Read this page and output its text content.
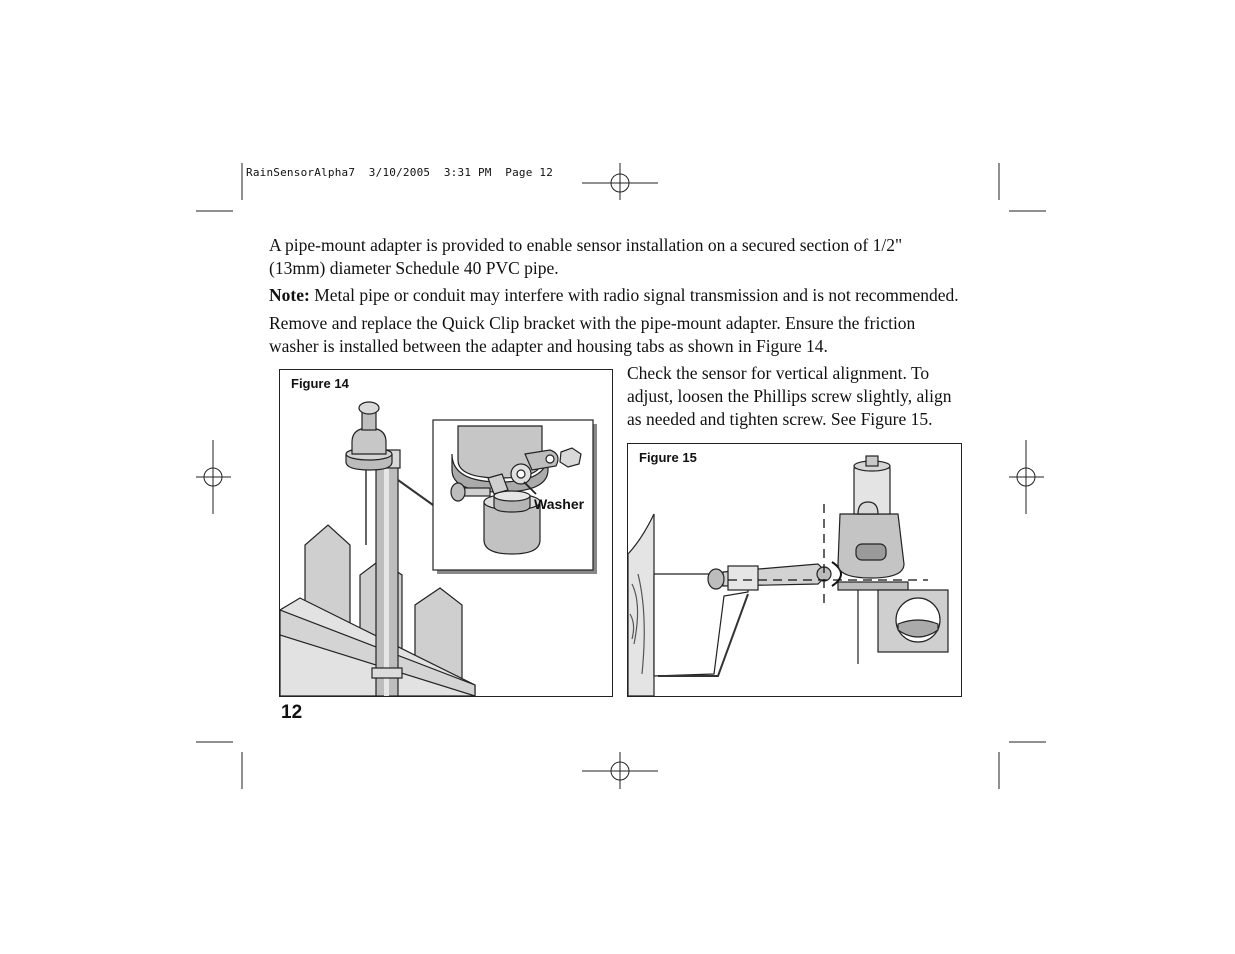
RainSensorAlpha7  3/10/2005  3:31 PM  Page 12

A pipe-mount adapter is provided to enable sensor installation on a secured section of 1/2" (13mm) diameter Schedule 40 PVC pipe.

Note: Metal pipe or conduit may interfere with radio signal transmission and is not recommended.

Remove and replace the Quick Clip bracket with the pipe-mount adapter. Ensure the friction washer is installed between the adapter and housing tabs as shown in Figure 14.

Check the sensor for vertical alignment. To adjust, loosen the Phillips screw slightly, align as needed and tighten screw. See Figure 15.

Figure 14
Washer
Figure 15
12
